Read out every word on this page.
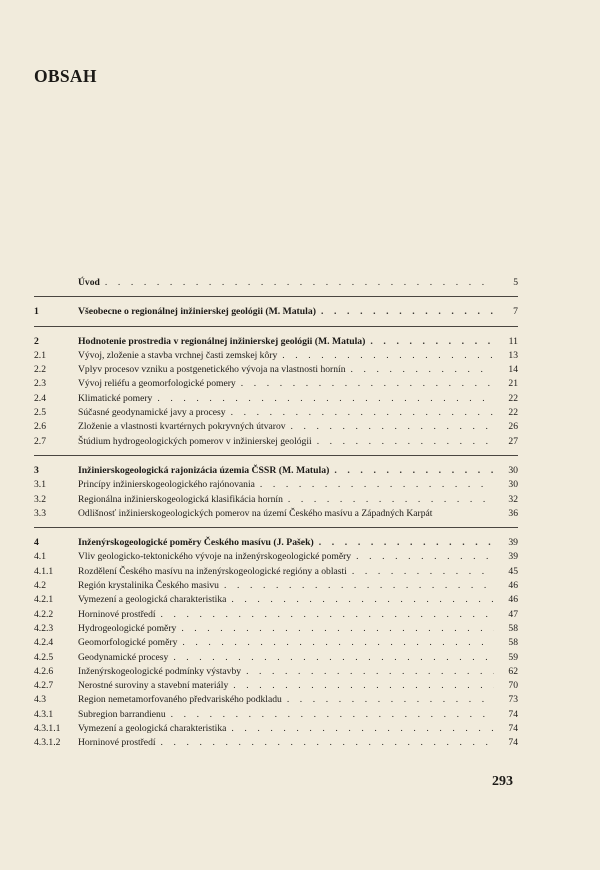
OBSAH
Úvod . . .	5
1	Všeobecne o regionálnej inžinierskej geológii (M. Matula) . . .	7
2	Hodnotenie prostredia v regionálnej inžinierskej geológii (M. Matula) . . .	11
2.1	Vývoj, zloženie a stavba vrchnej časti zemskej kôry . . .	13
2.2	Vplyv procesov vzniku a postgenetického vývoja na vlastnosti hornín . . .	14
2.3	Vývoj reliéfu a geomorfologické pomery . . .	21
2.4	Klimatické pomery . . .	22
2.5	Súčasné geodynamické javy a procesy . . .	22
2.6	Zloženie a vlastnosti kvartérnych pokryvných útvarov . . .	26
2.7	Štúdium hydrogeologických pomerov v inžinierskej geológii . . .	27
3	Inžinierskogeologická rajonizácia územia ČSSR (M. Matula) . . .	30
3.1	Princípy inžinierskogeologického rajónovania . . .	30
3.2	Regionálna inžinierskogeologická klasifikácia hornín . . .	32
3.3	Odlišnosť inžinierskogeologických pomerov na území Českého masívu a Západných Karpát	36
4	Inženýrskogeologické poměry Českého masívu (J. Pašek) . . .	39
4.1	Vliv geologicko-tektonického vývoje na inženýrskogeologické poměry . . .	39
4.1.1	Rozdělení Českého masívu na inženýrskogeologické regióny a oblasti . . .	45
4.2	Región krystalinika Českého masivu . . .	46
4.2.1	Vymezení a geologická charakteristika . . .	46
4.2.2	Horninové prostředí . . .	47
4.2.3	Hydrogeologické poměry . . .	58
4.2.4	Geomorfologické poměry . . .	58
4.2.5	Geodynamické procesy . . .	59
4.2.6	Inženýrskogeologické podmínky výstavby . . .	62
4.2.7	Nerostné suroviny a stavební materiály . . .	70
4.3	Region nemetamorfovaného předvariského podkladu . . .	73
4.3.1	Subregion barrandienu . . .	74
4.3.1.1	Vymezení a geologická charakteristika . . .	74
4.3.1.2	Horninové prostředí . . .	74
293
